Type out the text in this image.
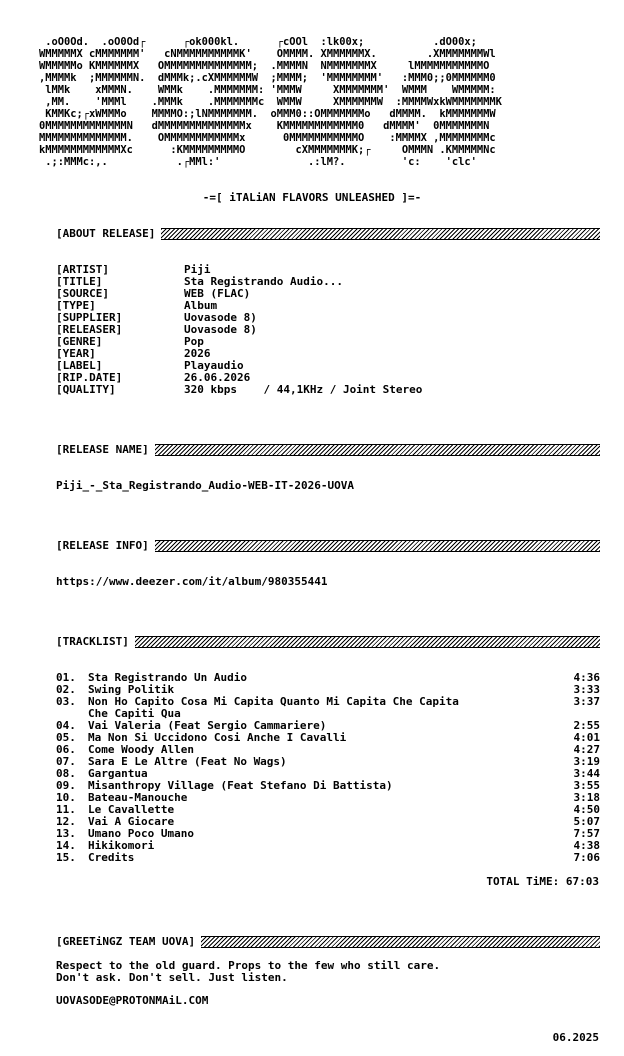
.oO0Od.  .oO0Od┌      ┌ok000kl.      ┌cOOl  :lk00x;           .dO00x;
WMMMMMX cMMMMMMM'   cNMMMMMMMMMMK'    OMMMM. XMMMMMMX.        .XMMMMMMMWl
WMMMMMo KMMMMMMX   OMMMMMMMMMMMMMM;  .MMMMN  NMMMMMMMX     lMMMMMMMMMMMO
,MMMMk  ;MMMMMMN.  dMMMk;.cXMMMMMMW  ;MMMM;  'MMMMMMMM'   :MMM0;;0MMMMMM0
lMMk    xMMMN.    WMMk    .MMMMMMM: 'MMMW     XMMMMMMM'  WMMM    WMMMMM:
,MM.    'MMMl    .MMMk    .MMMMMMMc  WMMW     XMMMMMMW  :MMMMWxkWMMMMMMMK
KMMKc;┌xWMMMo    MMMMO:;lNMMMMMMM.  oMMM0::OMMMMMMMo   dMMMM.  kMMMMMMMW
0MMMMMMMMMMMMMN   dMMMMMMMMMMMMMMx    KMMMMMMMMMMMM0   dMMMM'  0MMMMMMMN
MMMMMMMMMMMMMM.    OMMMMMMMMMMMMx      0MMMMMMMMMMMO    :MMMMX ,MMMMMMMMc
kMMMMMMMMMMMMXc      :KMMMMMMMMMO        cXMMMMMMMK;┌     OMMMN .KMMMMMNc
.;:MMMc:,.           .┌MMl:'              .:lM?.         'c:    'clc'
-=[ iTALiAN FLAVORS UNLEASHED ]=-
[ABOUT RELEASE]
[ARTIST]	Piji
[TITLE]	Sta Registrando Audio...
[SOURCE]	WEB (FLAC)
[TYPE]	Album
[SUPPLIER]	Uovasode 8)
[RELEASER]	Uovasode 8)
[GENRE]	Pop
[YEAR]	2026
[LABEL]	Playaudio
[RIP.DATE]	26.06.2026
[QUALITY]	320 kbps    / 44,1KHz / Joint Stereo
[RELEASE NAME]
Piji_-_Sta_Registrando_Audio-WEB-IT-2026-UOVA
[RELEASE INFO]
https://www.deezer.com/it/album/980355441
[TRACKLIST]
01.	Sta Registrando Un Audio	4:36
02.	Swing Politik	3:33
03.	Non Ho Capito Cosa Mi Capita Quanto Mi Capita Che Capita
Che Capiti Qua	3:37
04.	Vai Valeria (Feat Sergio Cammariere)	2:55
05.	Ma Non Si Uccidono Cosi Anche I Cavalli	4:01
06.	Come Woody Allen	4:27
07.	Sara E Le Altre (Feat No Wags)	3:19
08.	Gargantua	3:44
09.	Misanthropy Village (Feat Stefano Di Battista)	3:55
10.	Bateau-Manouche	3:18
11.	Le Cavallette	4:50
12.	Vai A Giocare	5:07
13.	Umano Poco Umano	7:57
14.	Hikikomori	4:38
15.	Credits	7:06
TOTAL TiME: 67:03
[GREETiNGZ TEAM UOVA]
Respect to the old guard. Props to the few who still care.
Don't ask. Don't sell. Just listen.
UOVASODE@PROTONMAiL.COM
06.2025
